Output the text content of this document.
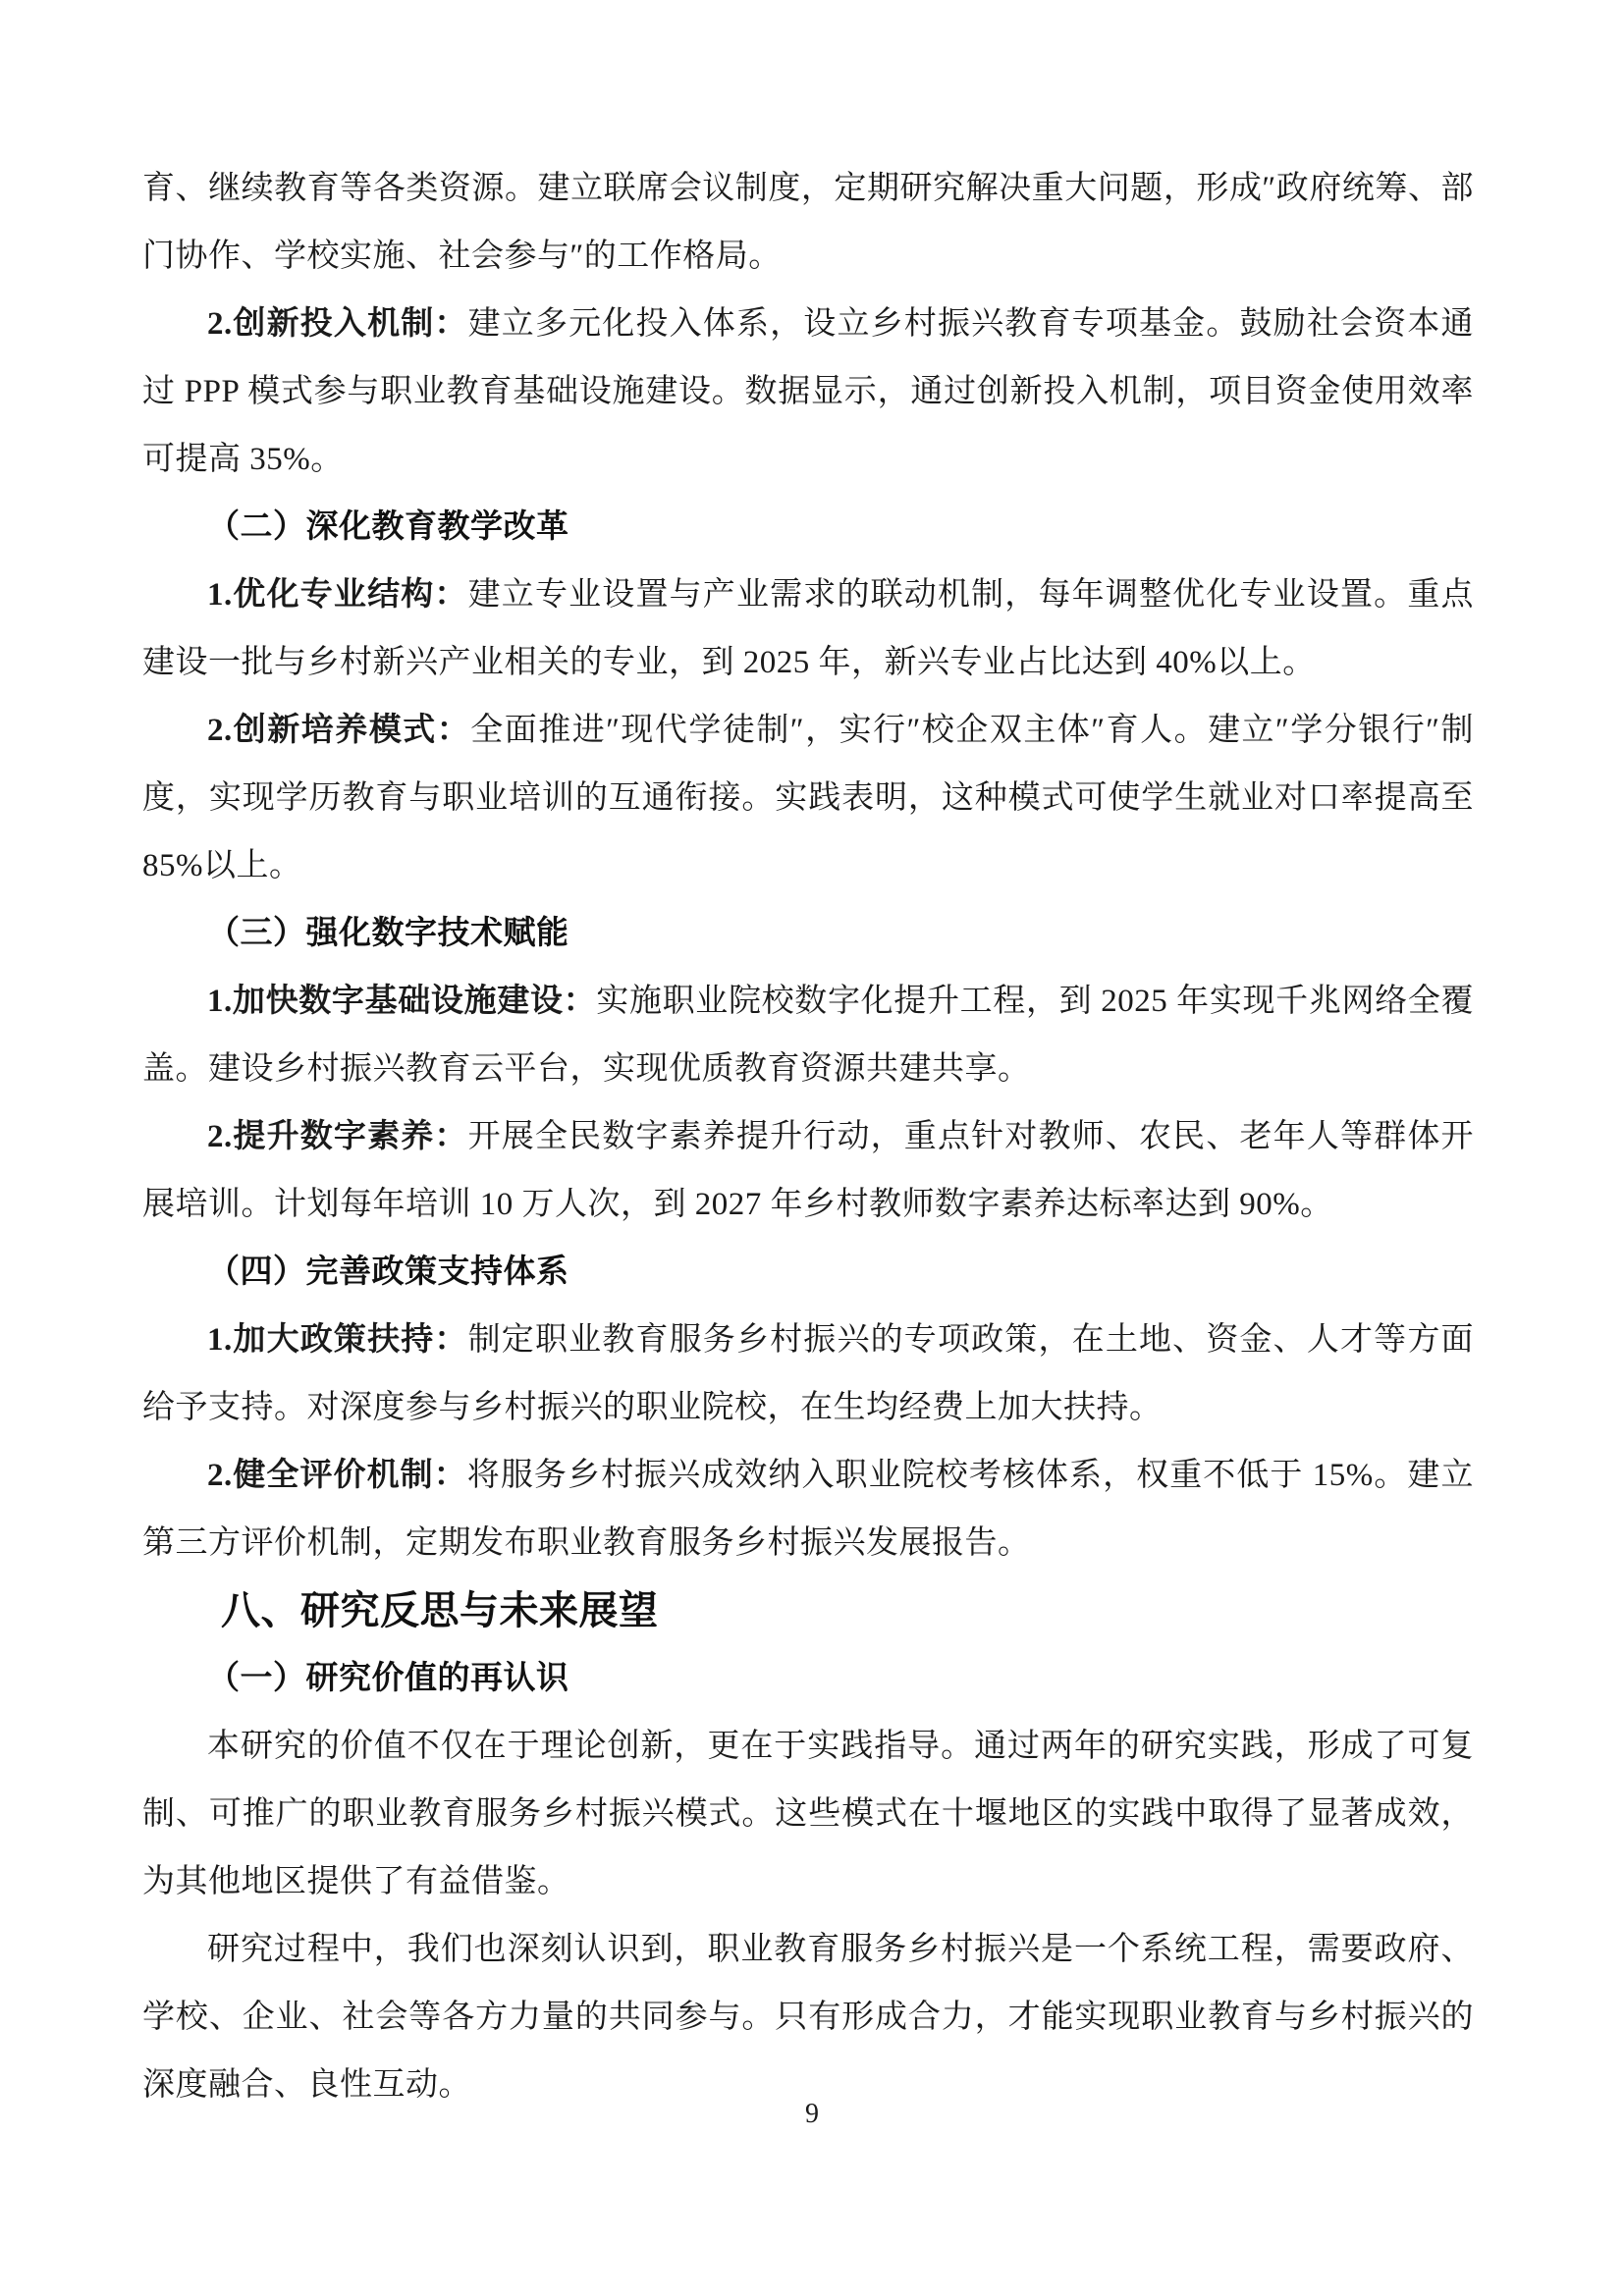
育、继续教育等各类资源。建立联席会议制度，定期研究解决重大问题，形成″政府统筹、部门协作、学校实施、社会参与″的工作格局。

2.创新投入机制：建立多元化投入体系，设立乡村振兴教育专项基金。鼓励社会资本通过 PPP 模式参与职业教育基础设施建设。数据显示，通过创新投入机制，项目资金使用效率可提高 35%。

（二）深化教育教学改革

1.优化专业结构：建立专业设置与产业需求的联动机制，每年调整优化专业设置。重点建设一批与乡村新兴产业相关的专业，到 2025 年，新兴专业占比达到 40%以上。

2.创新培养模式：全面推进″现代学徒制″，实行″校企双主体″育人。建立″学分银行″制度，实现学历教育与职业培训的互通衔接。实践表明，这种模式可使学生就业对口率提高至 85%以上。

（三）强化数字技术赋能

1.加快数字基础设施建设：实施职业院校数字化提升工程，到 2025 年实现千兆网络全覆盖。建设乡村振兴教育云平台，实现优质教育资源共建共享。

2.提升数字素养：开展全民数字素养提升行动，重点针对教师、农民、老年人等群体开展培训。计划每年培训 10 万人次，到 2027 年乡村教师数字素养达标率达到 90%。

（四）完善政策支持体系

1.加大政策扶持：制定职业教育服务乡村振兴的专项政策，在土地、资金、人才等方面给予支持。对深度参与乡村振兴的职业院校，在生均经费上加大扶持。

2.健全评价机制：将服务乡村振兴成效纳入职业院校考核体系，权重不低于 15%。建立第三方评价机制，定期发布职业教育服务乡村振兴发展报告。

八、研究反思与未来展望

（一）研究价值的再认识

本研究的价值不仅在于理论创新，更在于实践指导。通过两年的研究实践，形成了可复制、可推广的职业教育服务乡村振兴模式。这些模式在十堰地区的实践中取得了显著成效，为其他地区提供了有益借鉴。

研究过程中，我们也深刻认识到，职业教育服务乡村振兴是一个系统工程，需要政府、学校、企业、社会等各方力量的共同参与。只有形成合力，才能实现职业教育与乡村振兴的深度融合、良性互动。

9
